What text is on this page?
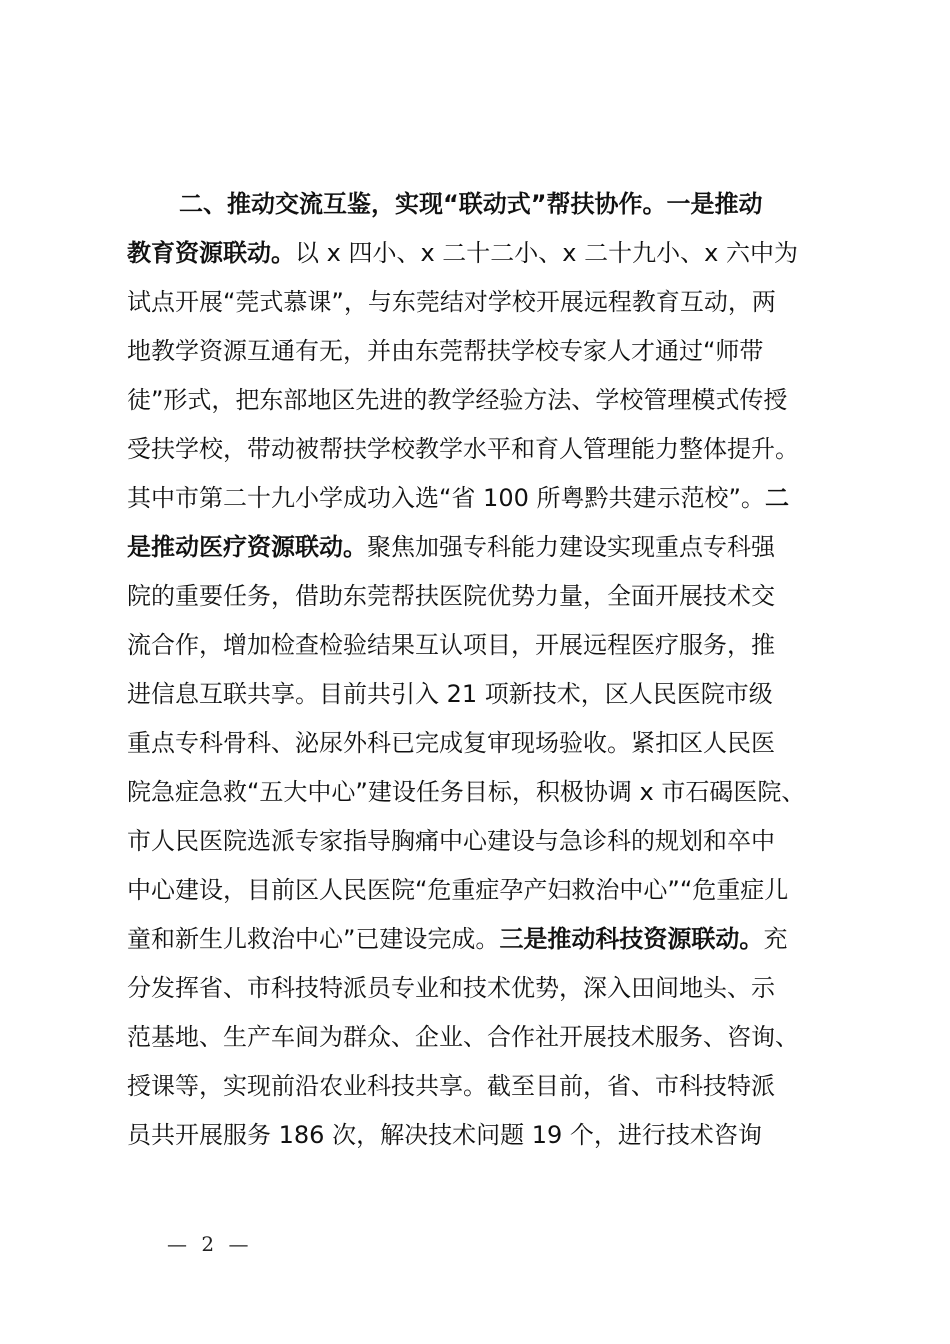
二、推动交流互鉴，实现“联动式”帮扶协作。一是推动
教育资源联动。以 x 四小、x 二十二小、x 二十九小、x 六中为
试点开展“莞式慕课”，与东莞结对学校开展远程教育互动，两
地教学资源互通有无，并由东莞帮扶学校专家人才通过“师带
徒”形式，把东部地区先进的教学经验方法、学校管理模式传授
受扶学校，带动被帮扶学校教学水平和育人管理能力整体提升。
其中市第二十九小学成功入选“省 100 所粤黔共建示范校”。二
是推动医疗资源联动。聚焦加强专科能力建设实现重点专科强
院的重要任务，借助东莞帮扶医院优势力量，全面开展技术交
流合作，增加检查检验结果互认项目，开展远程医疗服务，推
进信息互联共享。目前共引入 21 项新技术，区人民医院市级
重点专科骨科、泌尿外科已完成复审现场验收。紧扣区人民医
院急症急救“五大中心”建设任务目标，积极协调 x 市石碣医院、
市人民医院选派专家指导胸痛中心建设与急诊科的规划和卒中
中心建设，目前区人民医院“危重症孕产妇救治中心”“危重症儿
童和新生儿救治中心”已建设完成。三是推动科技资源联动。充
分发挥省、市科技特派员专业和技术优势，深入田间地头、示
范基地、生产车间为群众、企业、合作社开展技术服务、咨询、
授课等，实现前沿农业科技共享。截至目前，省、市科技特派
员共开展服务 186 次，解决技术问题 19 个，进行技术咨询
— 2 —
